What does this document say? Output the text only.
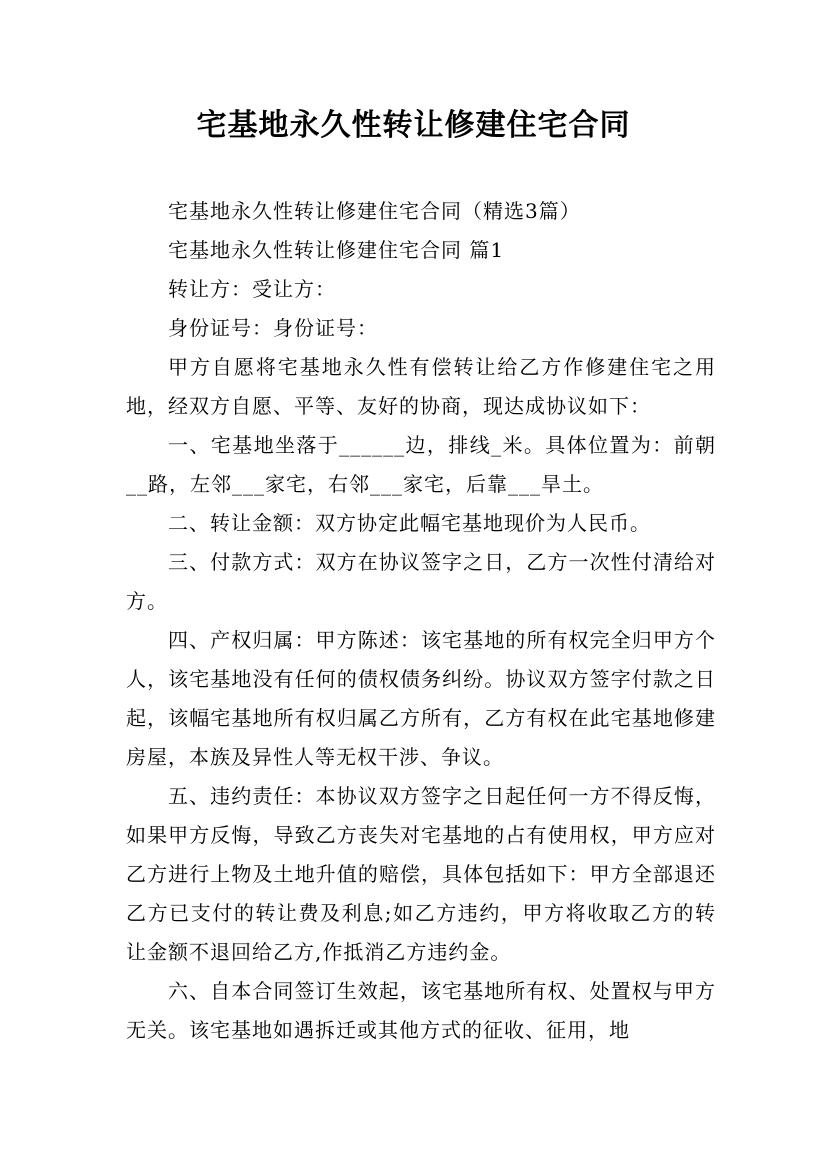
宅基地永久性转让修建住宅合同

宅基地永久性转让修建住宅合同（精选3篇）

宅基地永久性转让修建住宅合同 篇1

转让方：受让方：

身份证号：身份证号：

甲方自愿将宅基地永久性有偿转让给乙方作修建住宅之用地，经双方自愿、平等、友好的协商，现达成协议如下：

一、宅基地坐落于______边，排线_米。具体位置为：前朝__路，左邻___家宅，右邻___家宅，后靠___旱土。

二、转让金额：双方协定此幅宅基地现价为人民币。

三、付款方式：双方在协议签字之日，乙方一次性付清给对方。

四、产权归属：甲方陈述：该宅基地的所有权完全归甲方个人，该宅基地没有任何的债权债务纠纷。协议双方签字付款之日起，该幅宅基地所有权归属乙方所有，乙方有权在此宅基地修建房屋，本族及异性人等无权干涉、争议。

五、违约责任：本协议双方签字之日起任何一方不得反悔，如果甲方反悔，导致乙方丧失对宅基地的占有使用权，甲方应对乙方进行上物及土地升值的赔偿，具体包括如下：甲方全部退还乙方已支付的转让费及利息;如乙方违约，甲方将收取乙方的转让金额不退回给乙方,作抵消乙方违约金。

六、自本合同签订生效起，该宅基地所有权、处置权与甲方无关。该宅基地如遇拆迁或其他方式的征收、征用，地
